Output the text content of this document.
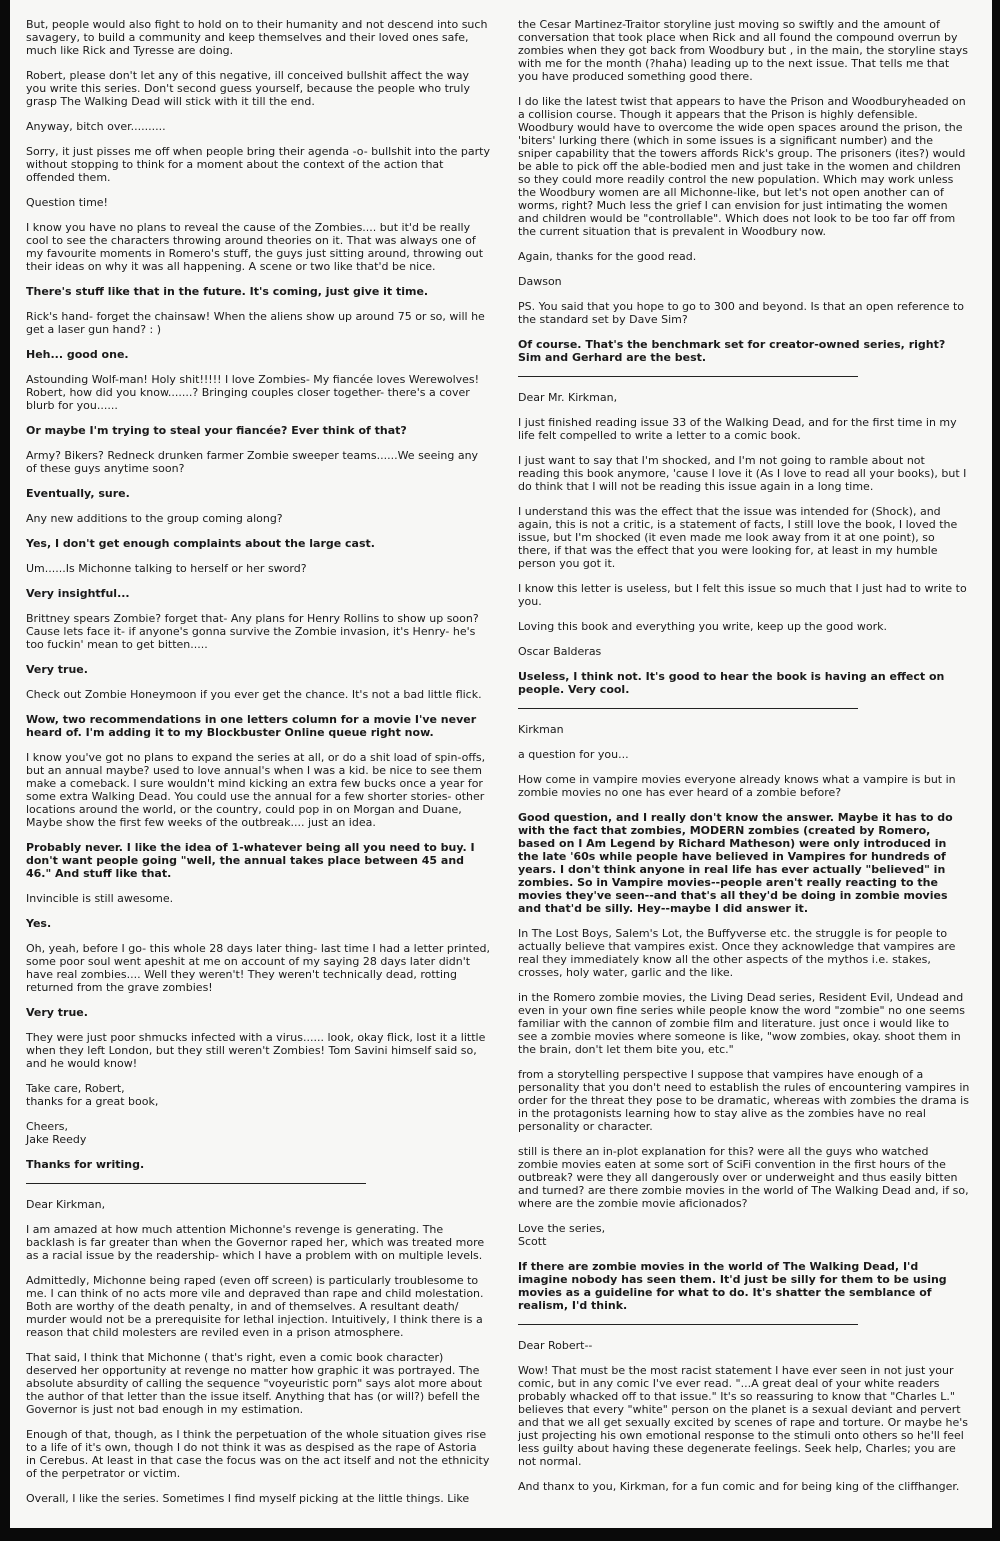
But, people would also fight to hold on to their humanity and not descend into such savagery, to build a community and keep themselves and their loved ones safe, much like Rick and Tyresse are doing.

Robert, please don't let any of this negative, ill conceived bullshit affect the way you write this series. Don't second guess yourself, because the people who truly grasp The Walking Dead will stick with it till the end.

Anyway, bitch over..........

Sorry, it just pisses me off when people bring their agenda -o- bullshit into the party without stopping to think for a moment about the context of the action that offended them.

Question time!

I know you have no plans to reveal the cause of the Zombies.... but it'd be really cool to see the characters throwing around theories on it. That was always one of my favourite moments in Romero's stuff, the guys just sitting around, throwing out their ideas on why it was all happening. A scene or two like that'd be nice.

There's stuff like that in the future. It's coming, just give it time.

Rick's hand- forget the chainsaw! When the aliens show up around 75 or so, will he get a laser gun hand? : )

Heh... good one.

Astounding Wolf-man! Holy shit!!!!! I love Zombies- My fiancée loves Werewolves! Robert, how did you know.......? Bringing couples closer together- there's a cover blurb for you......

Or maybe I'm trying to steal your fiancée? Ever think of that?

Army? Bikers? Redneck drunken farmer Zombie sweeper teams......We seeing any of these guys anytime soon?

Eventually, sure.

Any new additions to the group coming along?

Yes, I don't get enough complaints about the large cast.

Um......Is Michonne talking to herself or her sword?

Very insightful...

Brittney spears Zombie? forget that- Any plans for Henry Rollins to show up soon? Cause lets face it- if anyone's gonna survive the Zombie invasion, it's Henry- he's too fuckin' mean to get bitten.....

Very true.

Check out Zombie Honeymoon if you ever get the chance. It's not a bad little flick.

Wow, two recommendations in one letters column for a movie I've never heard of. I'm adding it to my Blockbuster Online queue right now.

I know you've got no plans to expand the series at all, or do a shit load of spin-offs, but an annual maybe? used to love annual's when I was a kid. be nice to see them make a comeback. I sure wouldn't mind kicking an extra few bucks once a year for some extra Walking Dead. You could use the annual for a few shorter stories- other locations around the world, or the country, could pop in on Morgan and Duane, Maybe show the first few weeks of the outbreak.... just an idea.

Probably never. I like the idea of 1-whatever being all you need to buy. I don't want people going "well, the annual takes place between 45 and 46." And stuff like that.

Invincible is still awesome.

Yes.

Oh, yeah, before I go- this whole 28 days later thing- last time I had a letter printed, some poor soul went apeshit at me on account of my saying 28 days later didn't have real zombies.... Well they weren't! They weren't technically dead, rotting returned from the grave zombies!

Very true.

They were just poor shmucks infected with a virus...... look, okay flick, lost it a little when they left London, but they still weren't Zombies! Tom Savini himself said so, and he would know!

Take care, Robert,
thanks for a great book,

Cheers,
Jake Reedy

Thanks for writing.

Dear Kirkman,

I am amazed at how much attention Michonne's revenge is generating. The backlash is far greater than when the Governor raped her, which was treated more as a racial issue by the readership- which I have a problem with on multiple levels.

Admittedly, Michonne being raped (even off screen) is particularly troublesome to me. I can think of no acts more vile and depraved than rape and child molestation. Both are worthy of the death penalty, in and of themselves. A resultant death/ murder would not be a prerequisite for lethal injection. Intuitively, I think there is a reason that child molesters are reviled even in a prison atmosphere.

That said, I think that Michonne ( that's right, even a comic book character) deserved her opportunity at revenge no matter how graphic it was portrayed. The absolute absurdity of calling the sequence "voyeuristic porn" says alot more about the author of that letter than the issue itself. Anything that has (or will?) befell the Governor is just not bad enough in my estimation.

Enough of that, though, as I think the perpetuation of the whole situation gives rise to a life of it's own, though I do not think it was as despised as the rape of Astoria in Cerebus. At least in that case the focus was on the act itself and not the ethnicity of the perpetrator or victim.

Overall, I like the series. Sometimes I find myself picking at the little things. Like

the Cesar Martinez-Traitor storyline just moving so swiftly and the amount of conversation that took place when Rick and all found the compound overrun by zombies when they got back from Woodbury but , in the main, the storyline stays with me for the month (?haha) leading up to the next issue. That tells me that you have produced something good there.

I do like the latest twist that appears to have the Prison and Woodburyheaded on a collision course. Though it appears that the Prison is highly defensible. Woodbury would have to overcome the wide open spaces around the prison, the 'biters' lurking there (which in some issues is a significant number) and the sniper capability that the towers affords Rick's group. The prisoners (ites?) would be able to pick off the able-bodied men and just take in the women and children so they could more readily control the new population. Which may work unless the Woodbury women are all Michonne-like, but let's not open another can of worms, right? Much less the grief I can envision for just intimating the women and children would be "controllable". Which does not look to be too far off from the current situation that is prevalent in Woodbury now.

Again, thanks for the good read.

Dawson

PS. You said that you hope to go to 300 and beyond. Is that an open reference to the standard set by Dave Sim?

Of course. That's the benchmark set for creator-owned series, right? Sim and Gerhard are the best.

Dear Mr. Kirkman,

I just finished reading issue 33 of the Walking Dead, and for the first time in my life felt compelled to write a letter to a comic book.

I just want to say that I'm shocked, and I'm not going to ramble about not reading this book anymore, 'cause I love it (As I love to read all your books), but I do think that I will not be reading this issue again in a long time.

I understand this was the effect that the issue was intended for (Shock), and again, this is not a critic, is a statement of facts, I still love the book, I loved the issue, but I'm shocked (it even made me look away from it at one point), so there, if that was the effect that you were looking for, at least in my humble person you got it.

I know this letter is useless, but I felt this issue so much that I just had to write to you.

Loving this book and everything you write, keep up the good work.

Oscar Balderas

Useless, I think not. It's good to hear the book is having an effect on people. Very cool.

Kirkman

a question for you...

How come in vampire movies everyone already knows what a vampire is but in zombie movies no one has ever heard of a zombie before?

Good question, and I really don't know the answer. Maybe it has to do with the fact that zombies, MODERN zombies (created by Romero, based on I Am Legend by Richard Matheson) were only introduced in the late '60s while people have believed in Vampires for hundreds of years. I don't think anyone in real life has ever actually "believed" in zombies. So in Vampire movies--people aren't really reacting to the movies they've seen--and that's all they'd be doing in zombie movies and that'd be silly. Hey--maybe I did answer it.

In The Lost Boys, Salem's Lot, the Buffyverse etc. the struggle is for people to actually believe that vampires exist. Once they acknowledge that vampires are real they immediately know all the other aspects of the mythos i.e. stakes, crosses, holy water, garlic and the like.

in the Romero zombie movies, the Living Dead series, Resident Evil, Undead and even in your own fine series while people know the word "zombie" no one seems familiar with the cannon of zombie film and literature. just once i would like to see a zombie movies where someone is like, "wow zombies, okay. shoot them in the brain, don't let them bite you, etc."

from a storytelling perspective I suppose that vampires have enough of a personality that you don't need to establish the rules of encountering vampires in order for the threat they pose to be dramatic, whereas with zombies the drama is in the protagonists learning how to stay alive as the zombies have no real personality or character.

still is there an in-plot explanation for this? were all the guys who watched zombie movies eaten at some sort of SciFi convention in the first hours of the outbreak? were they all dangerously over or underweight and thus easily bitten and turned? are there zombie movies in the world of The Walking Dead and, if so, where are the zombie movie aficionados?

Love the series,
Scott

If there are zombie movies in the world of The Walking Dead, I'd imagine nobody has seen them. It'd just be silly for them to be using movies as a guideline for what to do. It's shatter the semblance of realism, I'd think.

Dear Robert--

Wow! That must be the most racist statement I have ever seen in not just your comic, but in any comic I've ever read. "...A great deal of your white readers probably whacked off to that issue." It's so reassuring to know that "Charles L." believes that every "white" person on the planet is a sexual deviant and pervert and that we all get sexually excited by scenes of rape and torture. Or maybe he's just projecting his own emotional response to the stimuli onto others so he'll feel less guilty about having these degenerate feelings. Seek help, Charles; you are not normal.

And thanx to you, Kirkman, for a fun comic and for being king of the cliffhanger.
